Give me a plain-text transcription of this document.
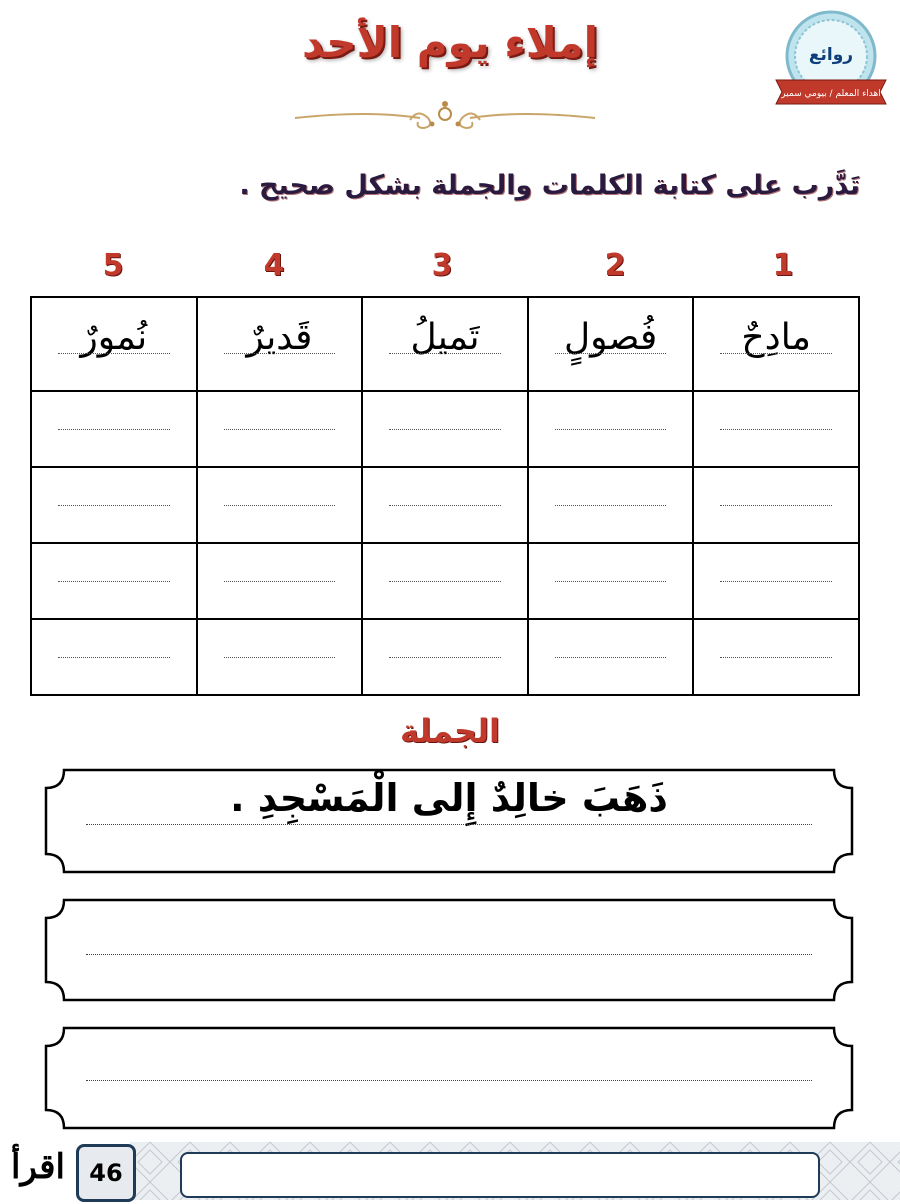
إملاء يوم الأحد	روائع
اهداء المعلم / بيومي سمير
تَدَّرب على كتابة الكلمات والجملة بشكل صحيح .
1
2
3
4
5
نُمورٌ	قَديرٌ	تَميلُ	فُصولٍ	مادِحٌ

الجملة
ذَهَبَ خالِدٌ إِلى الْمَسْجِدِ .
46
اقرأ
